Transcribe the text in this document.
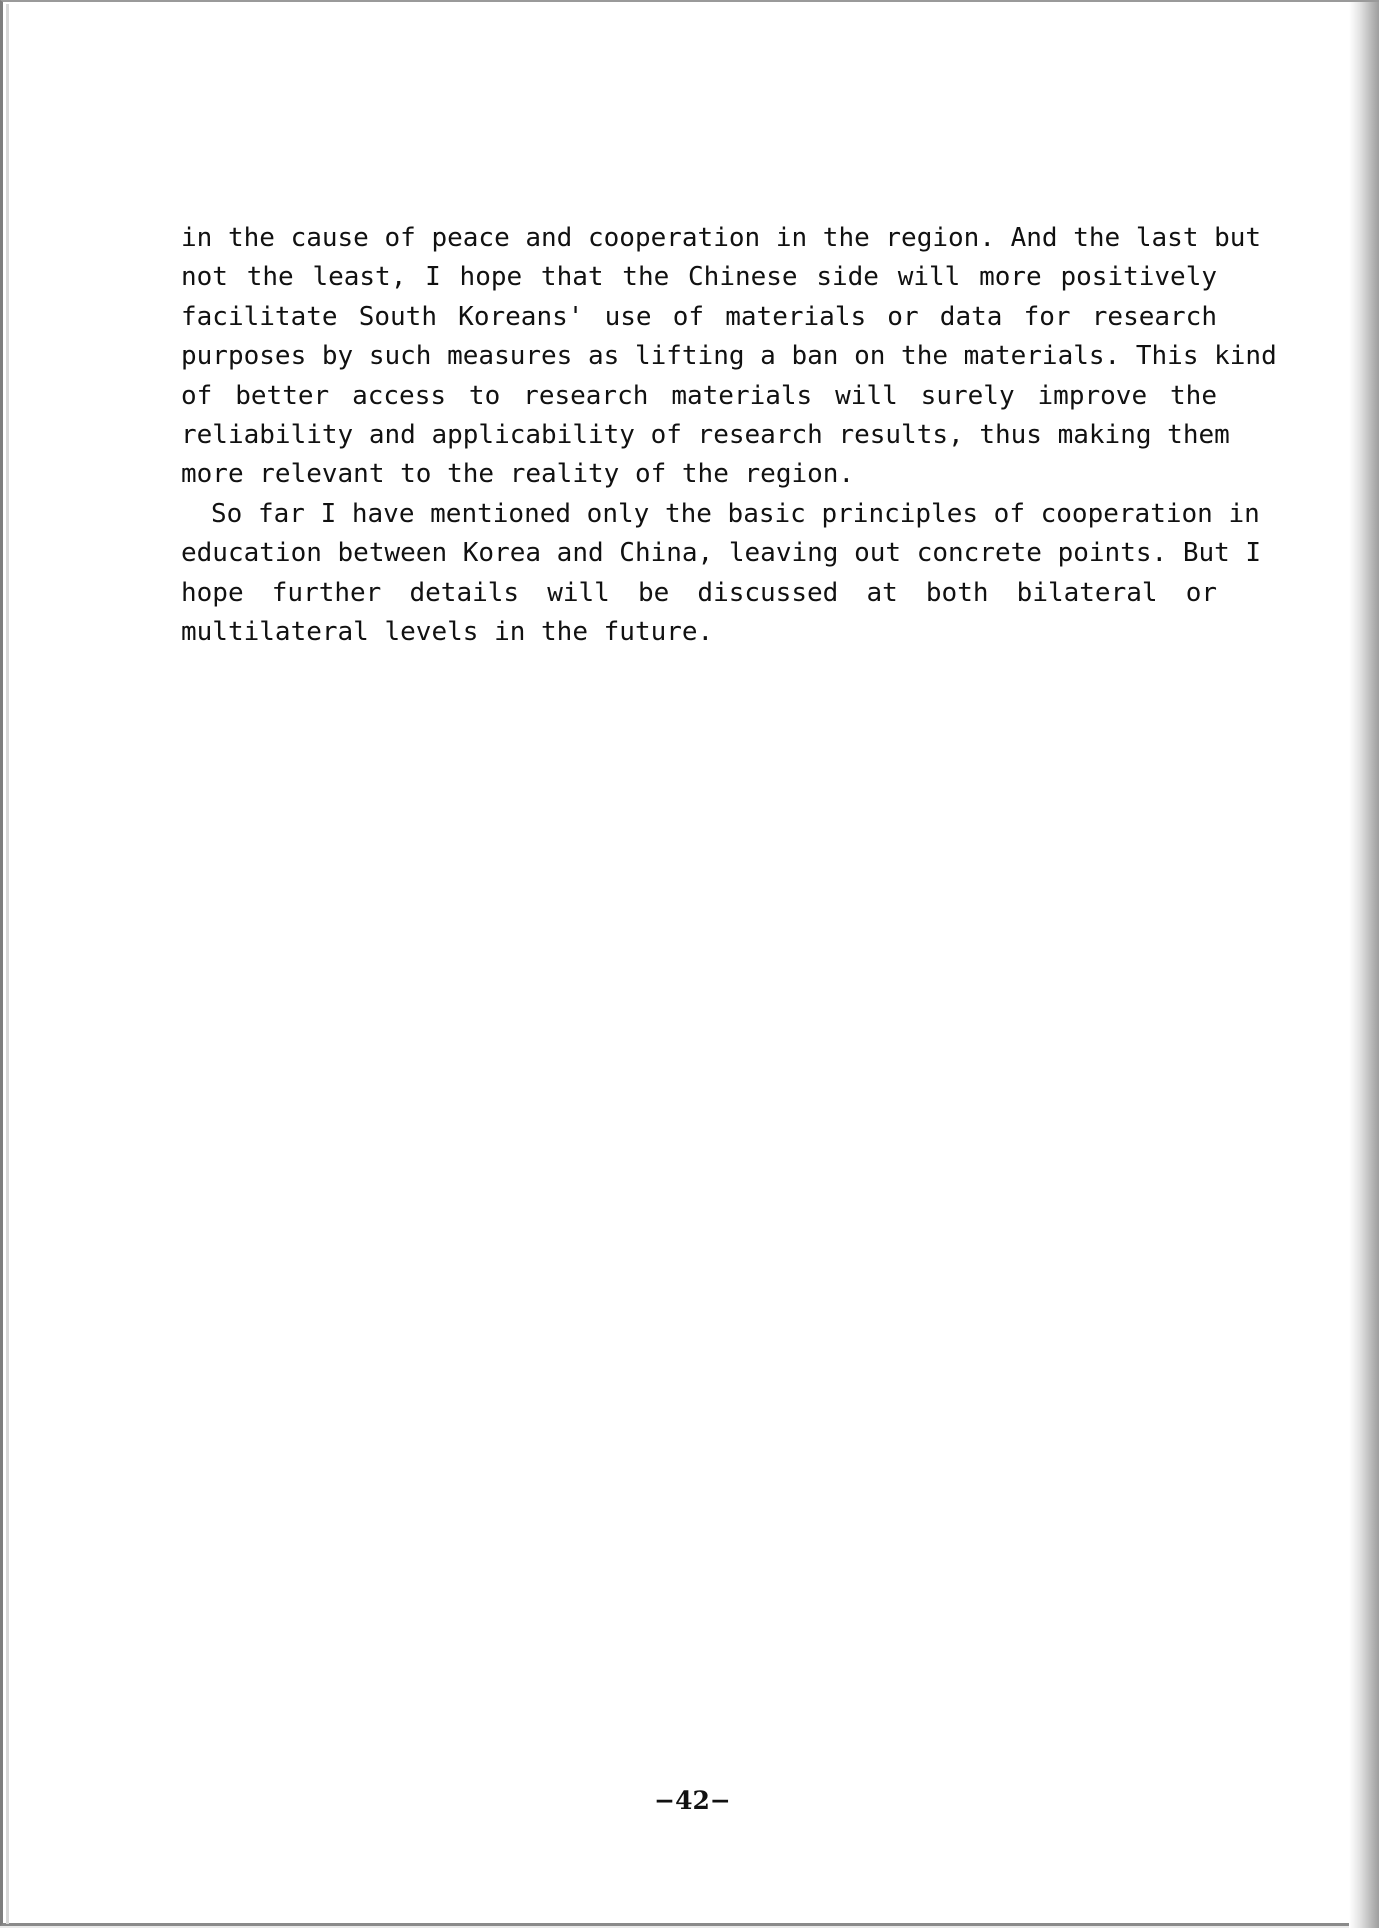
in the cause of peace and cooperation in the region. And the last but
not the least, I hope that the Chinese side will more positively
facilitate South Koreans' use of materials or data for research
purposes by such measures as lifting a ban on the materials. This kind
of better access to research materials will surely improve the
reliability and applicability of research results, thus making them
more relevant to the reality of the region.
So far I have mentioned only the basic principles of cooperation in
education between Korea and China, leaving out concrete points. But I
hope further details will be discussed at both bilateral or
multilateral levels in the future.
−42−
